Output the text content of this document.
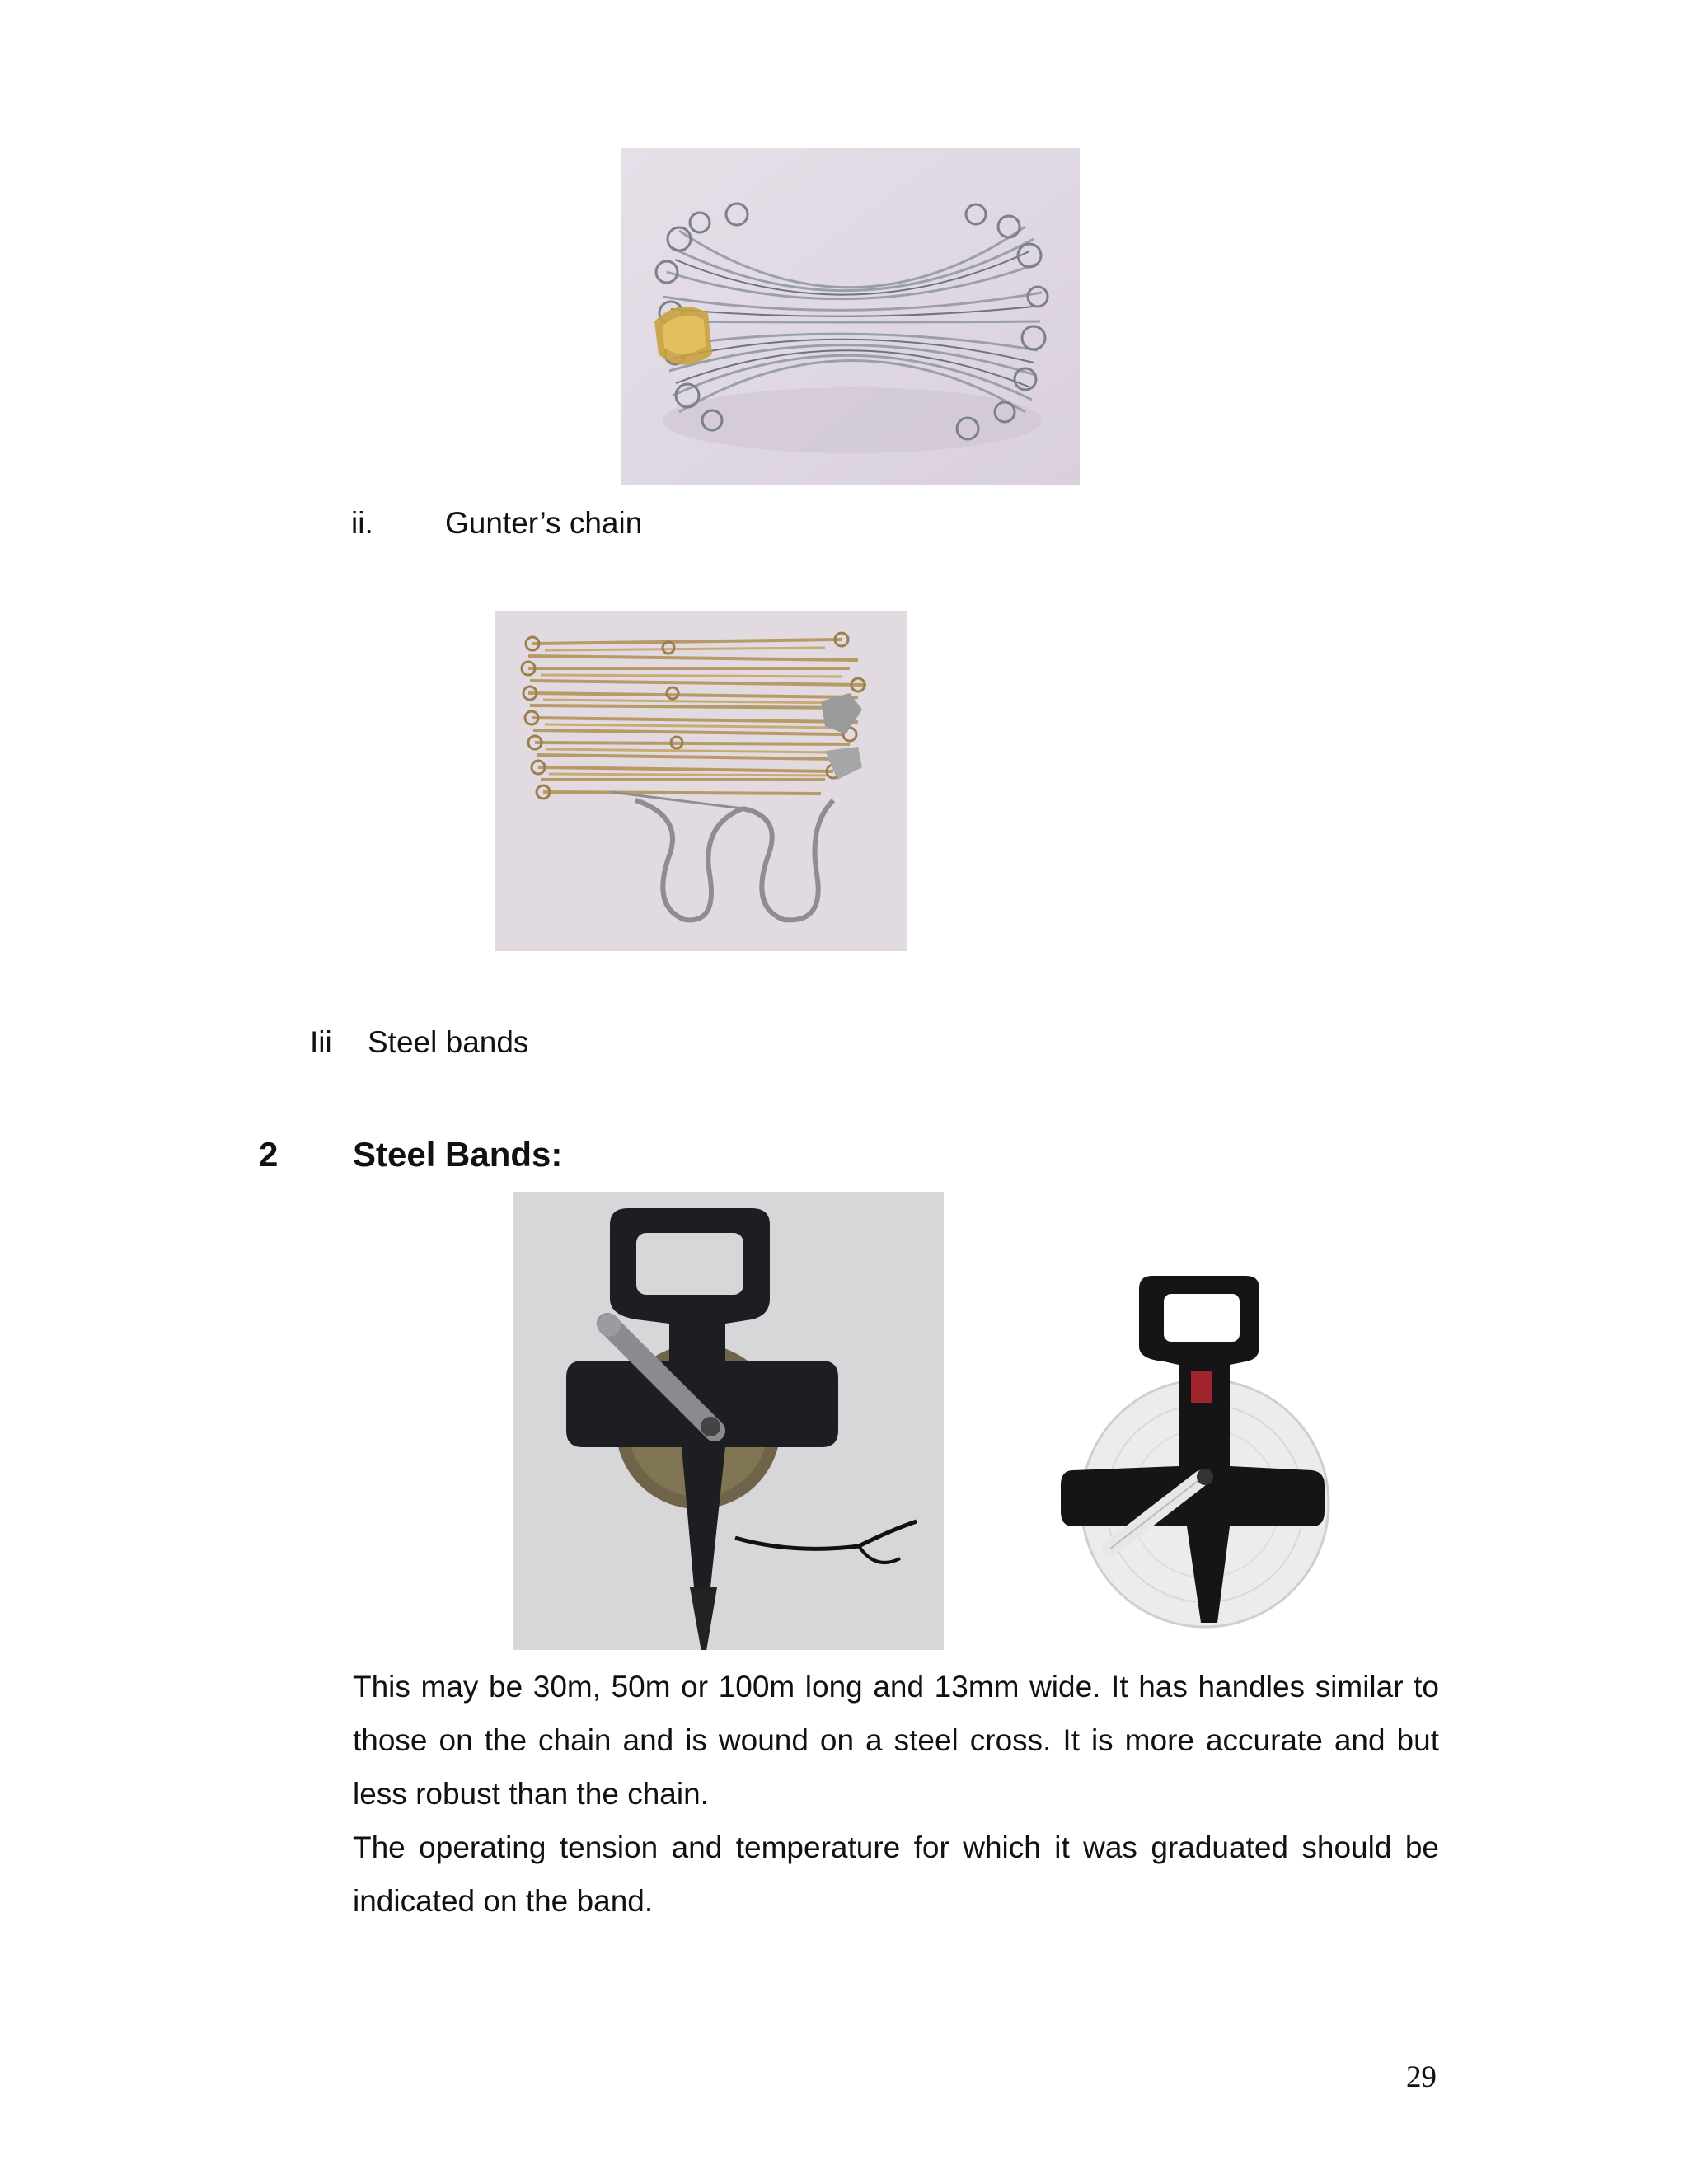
ii. Gunter’s chain
Iii Steel bands
2 Steel Bands:

This may be 30m, 50m or 100m long and 13mm wide. It has handles similar to those on the chain and is wound on a steel cross. It is more accurate and but less robust than the chain.

The operating tension and temperature for which it was graduated should be indicated on the band.

29
